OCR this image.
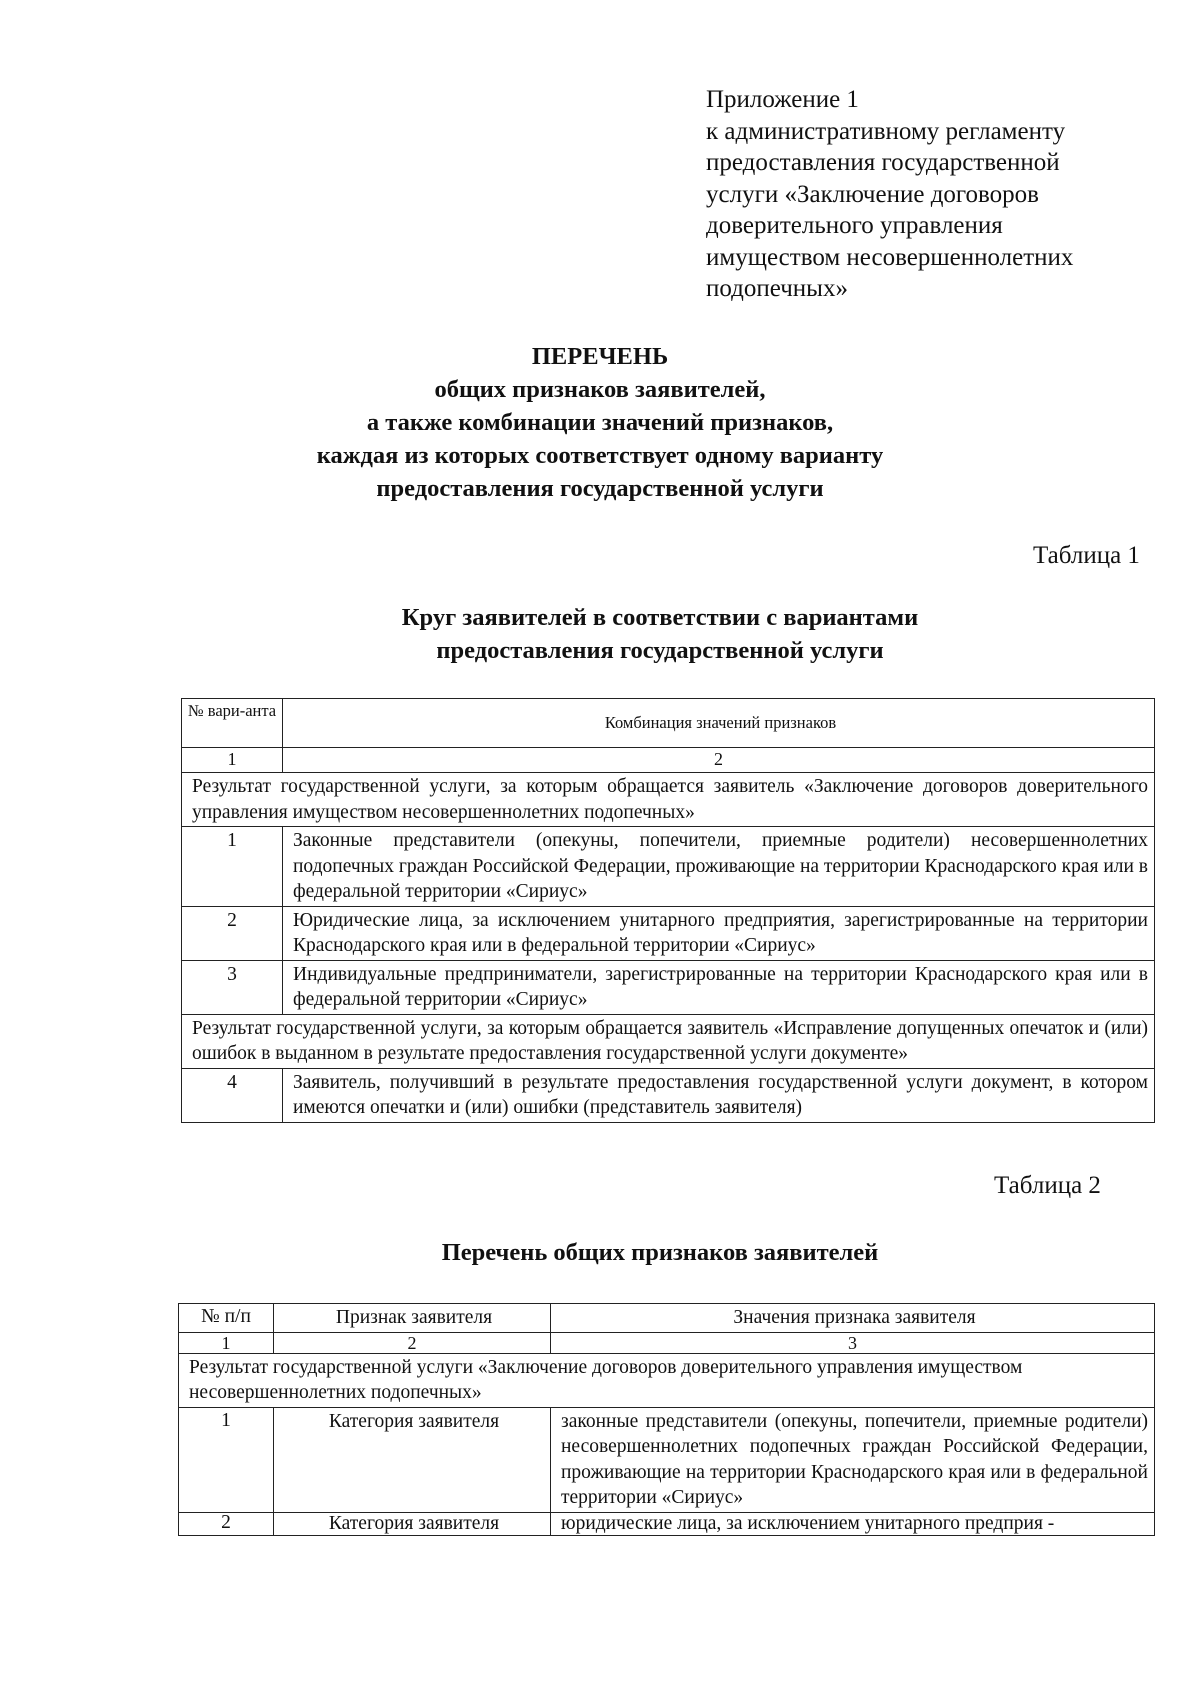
Приложение 1
к административному регламенту
предоставления государственной
услуги «Заключение договоров
доверительного управления
имуществом несовершеннолетних
подопечных»
ПЕРЕЧЕНЬ
общих признаков заявителей,
а также комбинации значений признаков,
каждая из которых соответствует одному варианту
предоставления государственной услуги
Таблица 1
Круг заявителей в соответствии с вариантами
предоставления государственной услуги
№ вари-анта	Комбинация значений признаков
1	2
Результат государственной услуги, за которым обращается заявитель «Заключение договоров доверительного управления имуществом несовершеннолетних подопечных»	
1	Законные представители (опекуны, попечители, приемные родители) несовершеннолетних подопечных граждан Российской Федерации, проживающие на территории Краснодарского края или в федеральной территории «Сириус»
2	Юридические лица, за исключением унитарного предприятия, зарегистрированные на территории Краснодарского края или в федеральной территории «Сириус»
3	Индивидуальные предприниматели, зарегистрированные на территории Краснодарского края или в федеральной территории «Сириус»
Результат государственной услуги, за которым обращается заявитель «Исправление допущенных опечаток и (или) ошибок в выданном в результате предоставления государственной услуги документе»	
4	Заявитель, получивший в результате предоставления государственной услуги документ, в котором имеются опечатки и (или) ошибки (представитель заявителя)
Таблица 2
Перечень общих признаков заявителей
№ п/п	Признак заявителя	Значения признака заявителя
1	2	3
Результат государственной услуги «Заключение договоров доверительного управления имуществом несовершеннолетних подопечных»		
1	Категория заявителя	законные представители (опекуны, попечители, приемные родители) несовершеннолетних подопечных граждан Российской Федерации, проживающие на территории Краснодарского края или в федеральной территории «Сириус»
2	Категория заявителя	юридические лица, за исключением унитарного предприя -
